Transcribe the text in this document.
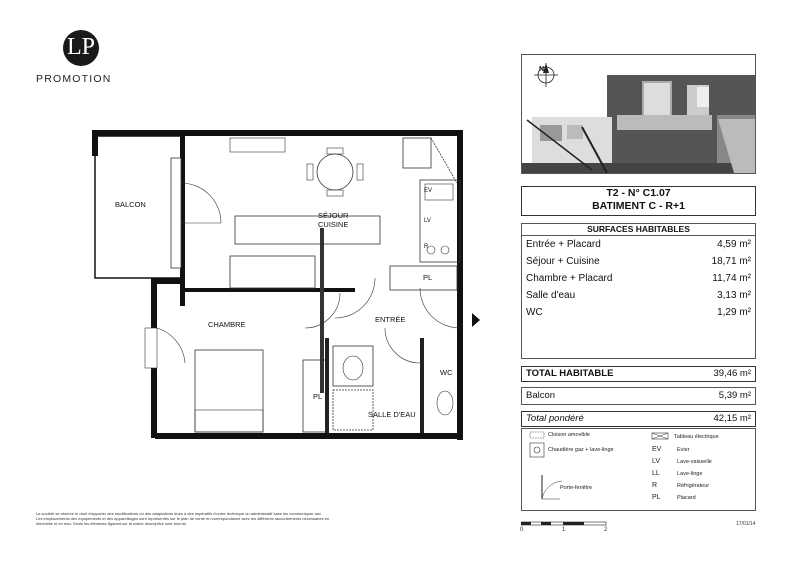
LP
PROMOTION
N
T2 - N° C1.07
BATIMENT C - R+1
SURFACES HABITABLES
Entrée + Placard	4,59 m²
Séjour + Cuisine	18,71 m²
Chambre + Placard	11,74 m²
Salle d'eau	3,13 m²
WC	1,29 m²
TOTAL HABITABLE	39,46 m²
Balcon	5,39 m²
Total pondéré	42,15 m²
Cloison amovible
Chaudière gaz + lave-linge
Porte-fenêtre
Tableau électrique
EV	Evier
LV	Lave-vaisselle
LL	Lave-linge
R	Réfrigérateur
PL	Placard
0	1	2
17/01/14
La société se réserve le droit d'apporter des modifications ou des adaptations dues à des impératifs d'ordre technique ou administratif sans les communiquer aux
Les emplacements des équipements et des appareillages sont représentés sur le plan de vente en correspondance avec les différents raccordements nécessaires en
électricité et en eau. Seuls les éléments figurant sur la notice descriptive sont fournis.
BALCON
SÉJOUR
CUISINE
CHAMBRE
ENTRÉE
WC
SALLE D'EAU
PL
PL
EV
LV
R
